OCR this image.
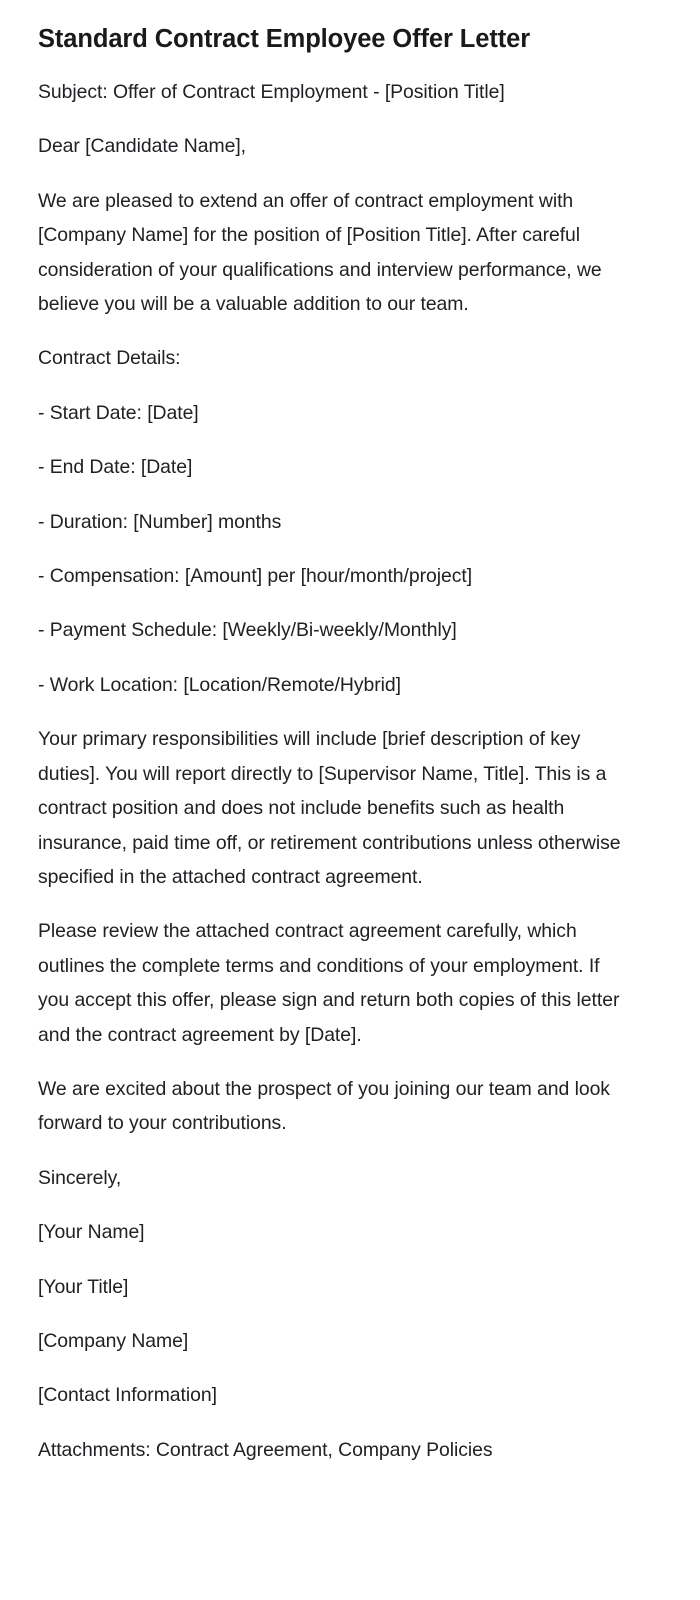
Standard Contract Employee Offer Letter

Subject: Offer of Contract Employment - [Position Title]

Dear [Candidate Name],

We are pleased to extend an offer of contract employment with [Company Name] for the position of [Position Title]. After careful consideration of your qualifications and interview performance, we believe you will be a valuable addition to our team.

Contract Details:

- Start Date: [Date]

- End Date: [Date]

- Duration: [Number] months

- Compensation: [Amount] per [hour/month/project]

- Payment Schedule: [Weekly/Bi-weekly/Monthly]

- Work Location: [Location/Remote/Hybrid]

Your primary responsibilities will include [brief description of key duties]. You will report directly to [Supervisor Name, Title]. This is a contract position and does not include benefits such as health insurance, paid time off, or retirement contributions unless otherwise specified in the attached contract agreement.

Please review the attached contract agreement carefully, which outlines the complete terms and conditions of your employment. If you accept this offer, please sign and return both copies of this letter and the contract agreement by [Date].

We are excited about the prospect of you joining our team and look forward to your contributions.

Sincerely,

[Your Name]

[Your Title]

[Company Name]

[Contact Information]

Attachments: Contract Agreement, Company Policies
